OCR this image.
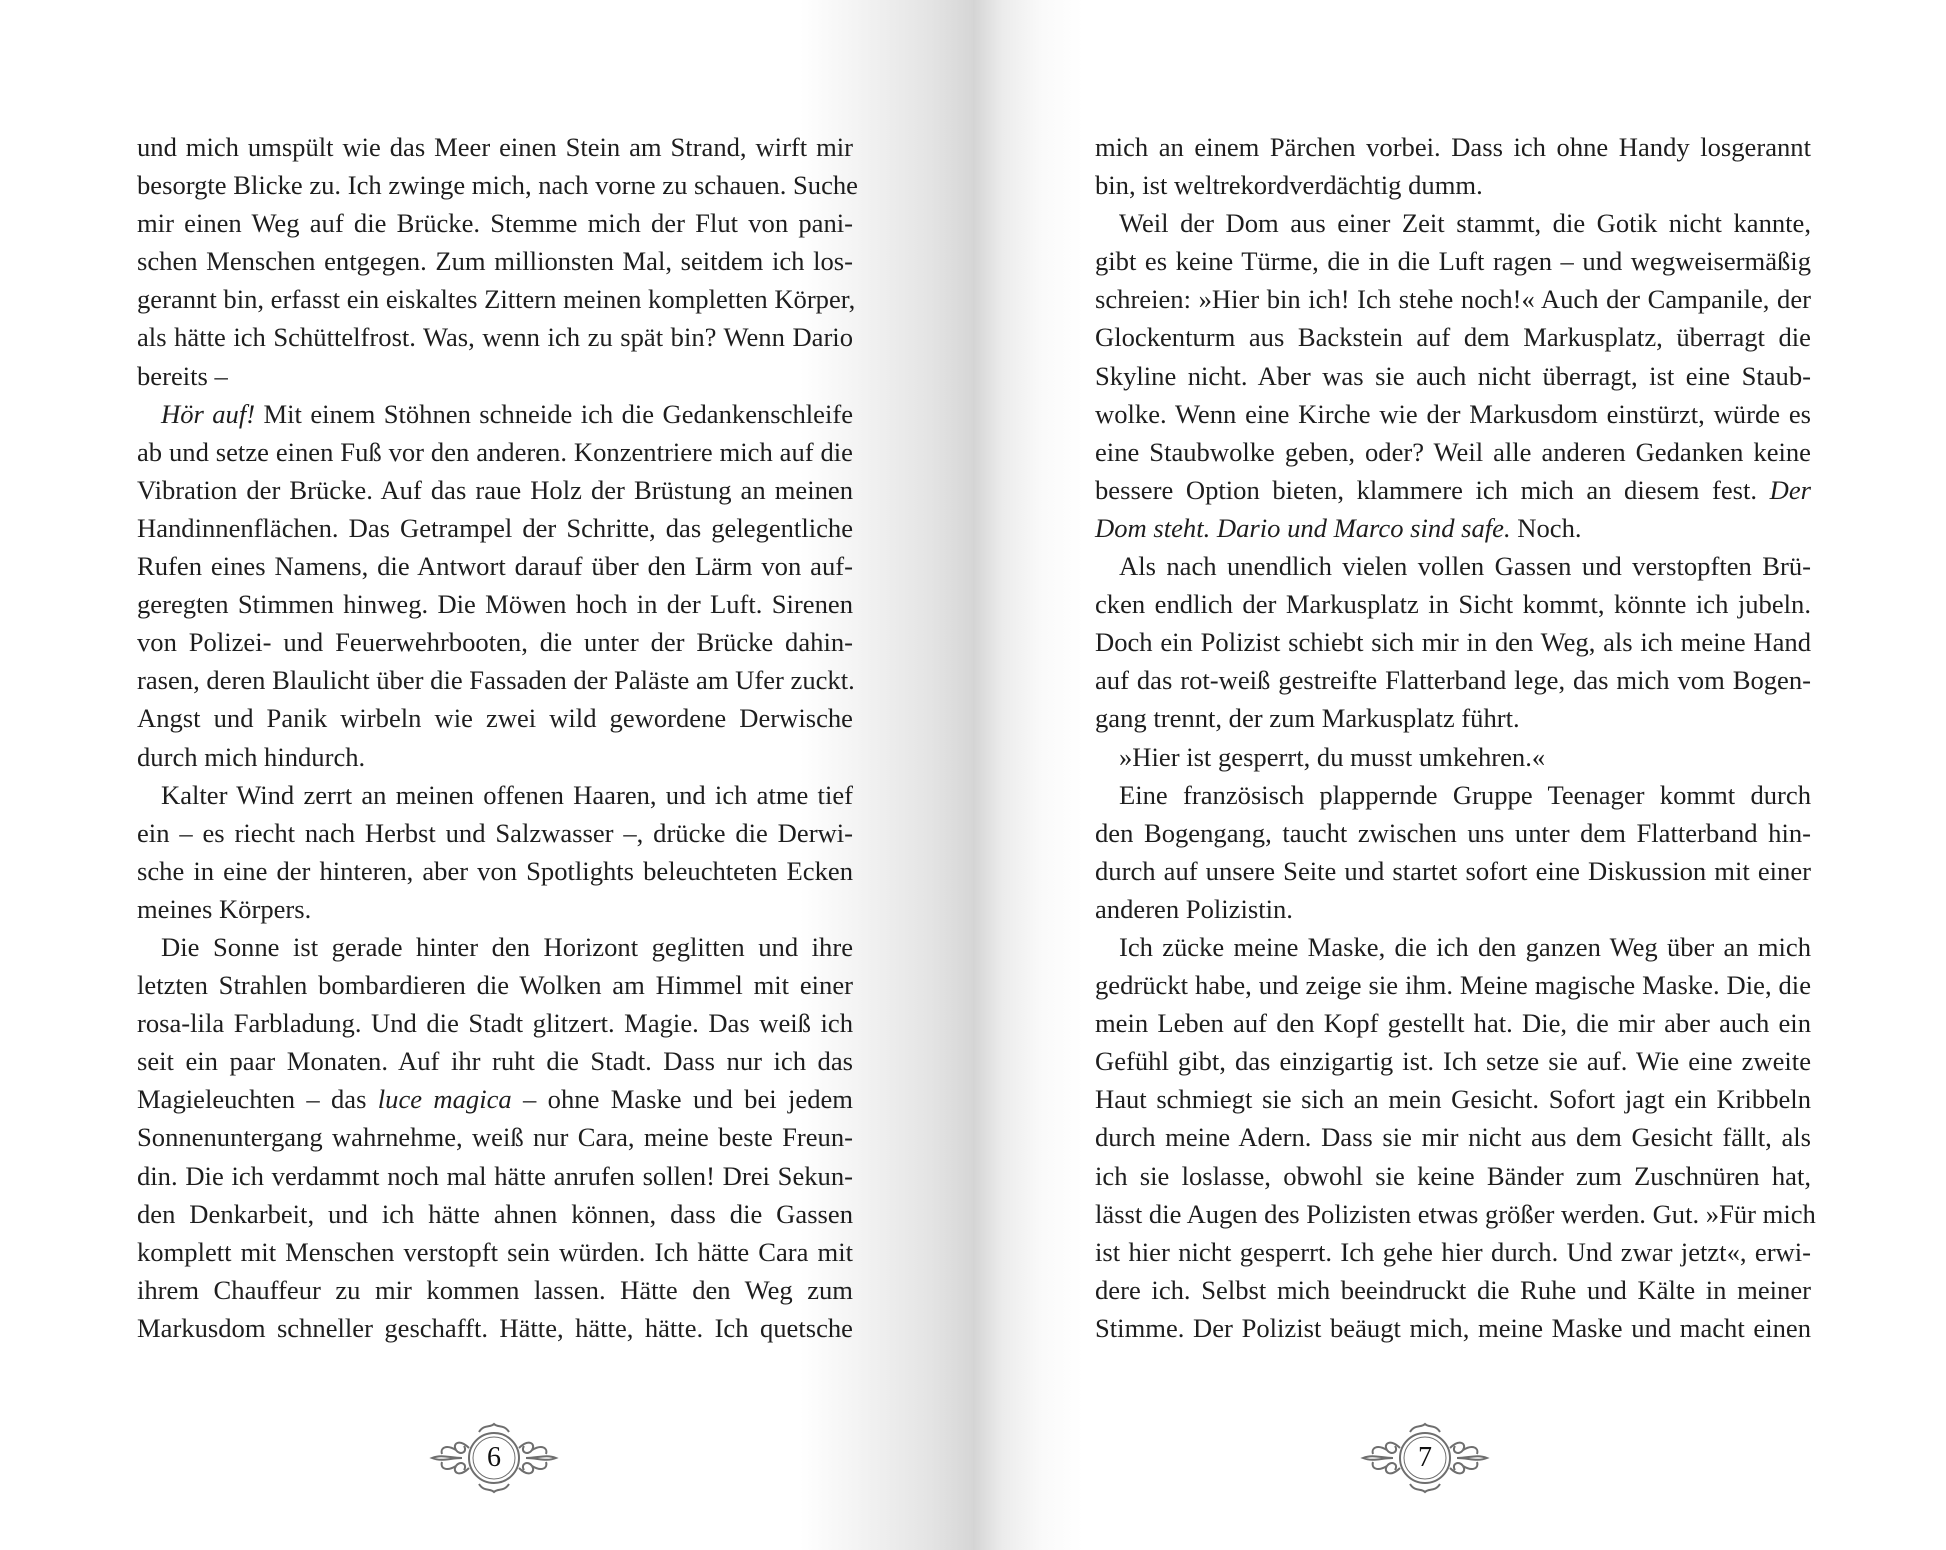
und mich umspült wie das Meer einen Stein am Strand, wirft mir
besorgte Blicke zu. Ich zwinge mich, nach vorne zu schauen. Suche
mir einen Weg auf die Brücke. Stemme mich der Flut von pani-
schen Menschen entgegen. Zum millionsten Mal, seitdem ich los-
gerannt bin, erfasst ein eiskaltes Zittern meinen kompletten Körper,
als hätte ich Schüttelfrost. Was, wenn ich zu spät bin? Wenn Dario
bereits –
Hör auf! Mit einem Stöhnen schneide ich die Gedankenschleife
ab und setze einen Fuß vor den anderen. Konzentriere mich auf die
Vibration der Brücke. Auf das raue Holz der Brüstung an meinen
Handinnenflächen. Das Getrampel der Schritte, das gelegentliche
Rufen eines Namens, die Antwort darauf über den Lärm von auf-
geregten Stimmen hinweg. Die Möwen hoch in der Luft. Sirenen
von Polizei- und Feuerwehrbooten, die unter der Brücke dahin-
rasen, deren Blaulicht über die Fassaden der Paläste am Ufer zuckt.
Angst und Panik wirbeln wie zwei wild gewordene Derwische
durch mich hindurch.
Kalter Wind zerrt an meinen offenen Haaren, und ich atme tief
ein – es riecht nach Herbst und Salzwasser –, drücke die Derwi-
sche in eine der hinteren, aber von Spotlights beleuchteten Ecken
meines Körpers.
Die Sonne ist gerade hinter den Horizont geglitten und ihre
letzten Strahlen bombardieren die Wolken am Himmel mit einer
rosa-lila Farbladung. Und die Stadt glitzert. Magie. Das weiß ich
seit ein paar Monaten. Auf ihr ruht die Stadt. Dass nur ich das
Magieleuchten – das luce magica – ohne Maske und bei jedem
Sonnenuntergang wahrnehme, weiß nur Cara, meine beste Freun-
din. Die ich verdammt noch mal hätte anrufen sollen! Drei Sekun-
den Denkarbeit, und ich hätte ahnen können, dass die Gassen
komplett mit Menschen verstopft sein würden. Ich hätte Cara mit
ihrem Chauffeur zu mir kommen lassen. Hätte den Weg zum
Markusdom schneller geschafft. Hätte, hätte, hätte. Ich quetsche
6
mich an einem Pärchen vorbei. Dass ich ohne Handy losgerannt
bin, ist weltrekordverdächtig dumm.
Weil der Dom aus einer Zeit stammt, die Gotik nicht kannte,
gibt es keine Türme, die in die Luft ragen – und wegweisermäßig
schreien: »Hier bin ich! Ich stehe noch!« Auch der Campanile, der
Glockenturm aus Backstein auf dem Markusplatz, überragt die
Skyline nicht. Aber was sie auch nicht überragt, ist eine Staub-
wolke. Wenn eine Kirche wie der Markusdom einstürzt, würde es
eine Staubwolke geben, oder? Weil alle anderen Gedanken keine
bessere Option bieten, klammere ich mich an diesem fest. Der
Dom steht. Dario und Marco sind safe. Noch.
Als nach unendlich vielen vollen Gassen und verstopften Brü-
cken endlich der Markusplatz in Sicht kommt, könnte ich jubeln.
Doch ein Polizist schiebt sich mir in den Weg, als ich meine Hand
auf das rot-weiß gestreifte Flatterband lege, das mich vom Bogen-
gang trennt, der zum Markusplatz führt.
»Hier ist gesperrt, du musst umkehren.«
Eine französisch plappernde Gruppe Teenager kommt durch
den Bogengang, taucht zwischen uns unter dem Flatterband hin-
durch auf unsere Seite und startet sofort eine Diskussion mit einer
anderen Polizistin.
Ich zücke meine Maske, die ich den ganzen Weg über an mich
gedrückt habe, und zeige sie ihm. Meine magische Maske. Die, die
mein Leben auf den Kopf gestellt hat. Die, die mir aber auch ein
Gefühl gibt, das einzigartig ist. Ich setze sie auf. Wie eine zweite
Haut schmiegt sie sich an mein Gesicht. Sofort jagt ein Kribbeln
durch meine Adern. Dass sie mir nicht aus dem Gesicht fällt, als
ich sie loslasse, obwohl sie keine Bänder zum Zuschnüren hat,
lässt die Augen des Polizisten etwas größer werden. Gut. »Für mich
ist hier nicht gesperrt. Ich gehe hier durch. Und zwar jetzt«, erwi-
dere ich. Selbst mich beeindruckt die Ruhe und Kälte in meiner
Stimme. Der Polizist beäugt mich, meine Maske und macht einen
7
